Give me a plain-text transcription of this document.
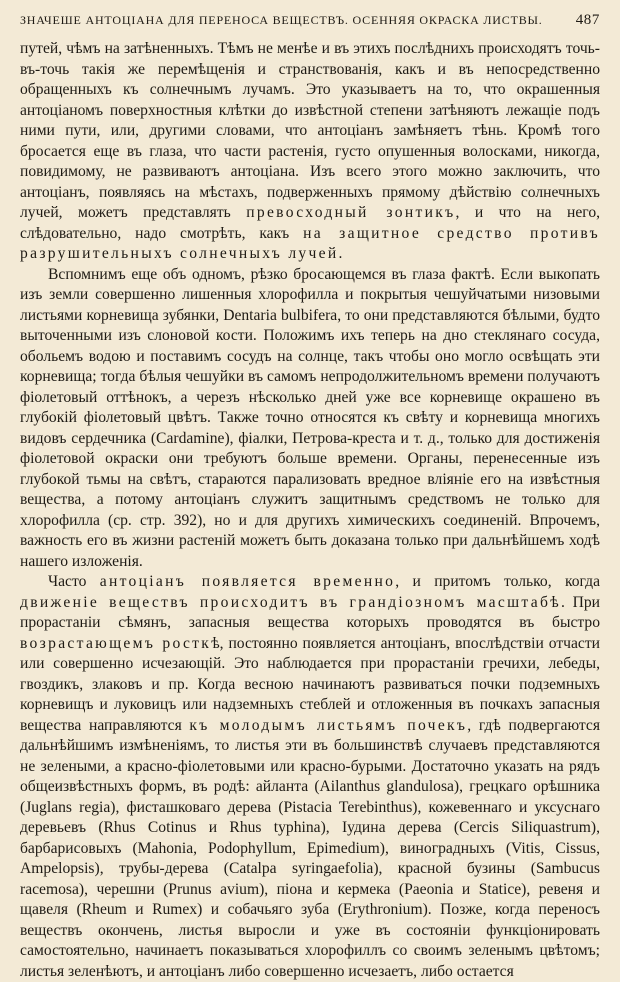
ЗНАЧЕШЕ АНТОЦІАНА ДЛЯ ПЕРЕНОСА ВЕЩЕСТВЪ. ОСЕННЯЯ ОКРАСКА ЛИСТВЫ. 487

путей, чѣмъ на затѣненныхъ. Тѣмъ не менѣе и въ этихъ послѣднихъ происходятъ точь-въ-точь такія же перемѣщенія и странствованія, какъ и въ непосредственно обращенныхъ къ солнечнымъ лучамъ. Это указываетъ на то, что окрашенныя антоціаномъ поверхностныя клѣтки до извѣстной степени затѣняютъ лежащіе подъ ними пути, или, другими словами, что антоціанъ замѣняетъ тѣнь. Кромѣ того бросается еще въ глаза, что части растенія, густо опушенныя волосками, никогда, повидимому, не развиваютъ антоціана. Изъ всего этого можно заключить, что антоціанъ, появляясь на мѣстахъ, подверженныхъ прямому дѣйствію солнечныхъ лучей, можетъ представлять превосходный зонтикъ, и что на него, слѣдовательно, надо смотрѣть, какъ на защитное средство противъ разрушительныхъ солнечныхъ лучей.

Вспомнимъ еще объ одномъ, рѣзко бросающемся въ глаза фактѣ. Если выкопать изъ земли совершенно лишенныя хлорофилла и покрытыя чешуйчатыми низовыми листьями корневища зубянки, Dentaria bulbifera, то они представляются бѣлыми, будто выточенными изъ слоновой кости. Положимъ ихъ теперь на дно стеклянаго сосуда, обольемъ водою и поставимъ сосудъ на солнце, такъ чтобы оно могло освѣщать эти корневища; тогда бѣлыя чешуйки въ самомъ непродолжительномъ времени получаютъ фіолетовый оттѣнокъ, а черезъ нѣсколько дней уже все корневище окрашено въ глубокій фіолетовый цвѣтъ. Также точно относятся къ свѣту и корневища многихъ видовъ сердечника (Cardamine), фіалки, Петрова-креста и т. д., только для достиженія фіолетовой окраски они требуютъ больше времени. Органы, перенесенные изъ глубокой тьмы на свѣтъ, стараются парализовать вредное вліяніе его на извѣстныя вещества, а потому антоціанъ служитъ защитнымъ средствомъ не только для хлорофилла (ср. стр. 392), но и для другихъ химическихъ соединеній. Впрочемъ, важность его въ жизни растеній можетъ быть доказана только при дальнѣйшемъ ходѣ нашего изложенія.

Часто антоціанъ появляется временно, и притомъ только, когда движеніе веществъ происходитъ въ грандіозномъ масштабѣ. При прорастаніи сѣмянъ, запасныя вещества которыхъ проводятся въ быстро возрастающемъ росткѣ, постоянно появляется антоціанъ, впослѣдствіи отчасти или совершенно исчезающій. Это наблюдается при прорастаніи гречихи, лебеды, гвоздикъ, злаковъ и пр. Когда весною начинаютъ развиваться почки подземныхъ корневищъ и луковицъ или надземныхъ стеблей и отложенныя въ почкахъ запасныя вещества направляются къ молодымъ листьямъ почекъ, гдѣ подвергаются дальнѣйшимъ измѣненіямъ, то листья эти въ большинствѣ случаевъ представляются не зелеными, а красно-фіолетовыми или красно-бурыми. Достаточно указать на рядъ общеизвѣстныхъ формъ, въ родѣ: айланта (Ailanthus glandulosa), грецкаго орѣшника (Juglans regia), фисташковаго дерева (Pistacia Terebinthus), кожевеннаго и уксуснаго деревьевъ (Rhus Cotinus и Rhus typhina), Іудина дерева (Cercis Siliquastrum), барбарисовыхъ (Mahonia, Podophyllum, Epimedium), виноградныхъ (Vitis, Cissus, Ampelopsis), трубы-дерева (Catalpa syringaefolia), красной бузины (Sambucus racemosa), черешни (Prunus avium), піона и кермека (Paeonia и Statice), ревеня и щавеля (Rheum и Rumex) и собачьяго зуба (Erythronium). Позже, когда переносъ веществъ окончень, листья выросли и уже въ состояніи функціонировать самостоятельно, начинаетъ показываться хлорофиллъ со своимъ зеленымъ цвѣтомъ; листья зеленѣютъ, и антоціанъ либо совершенно исчезаетъ, либо остается
